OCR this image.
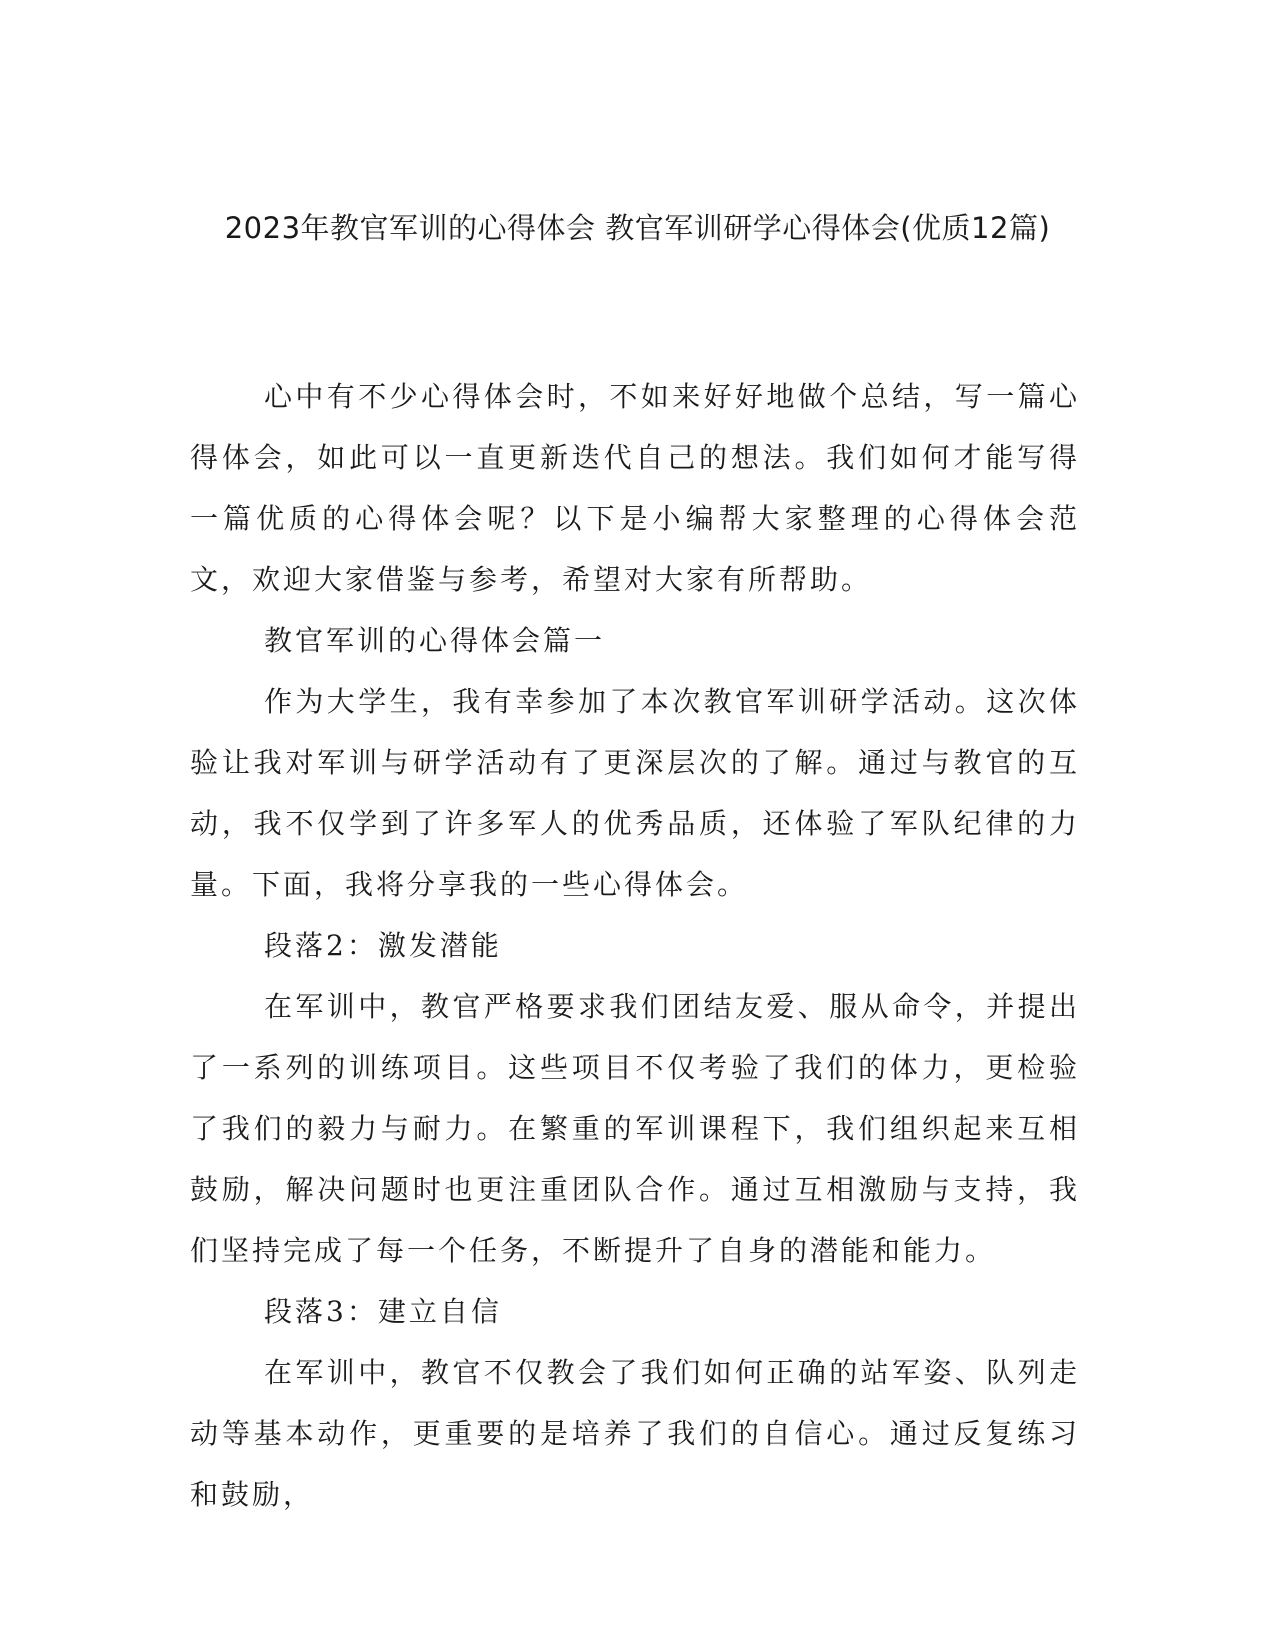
2023年教官军训的心得体会 教官军训研学心得体会(优质12篇)

心中有不少心得体会时，不如来好好地做个总结，写一篇心得体会，如此可以一直更新迭代自己的想法。我们如何才能写得一篇优质的心得体会呢？以下是小编帮大家整理的心得体会范文，欢迎大家借鉴与参考，希望对大家有所帮助。

教官军训的心得体会篇一

作为大学生，我有幸参加了本次教官军训研学活动。这次体验让我对军训与研学活动有了更深层次的了解。通过与教官的互动，我不仅学到了许多军人的优秀品质，还体验了军队纪律的力量。下面，我将分享我的一些心得体会。

段落2：激发潜能

在军训中，教官严格要求我们团结友爱、服从命令，并提出了一系列的训练项目。这些项目不仅考验了我们的体力，更检验了我们的毅力与耐力。在繁重的军训课程下，我们组织起来互相鼓励，解决问题时也更注重团队合作。通过互相激励与支持，我们坚持完成了每一个任务，不断提升了自身的潜能和能力。

段落3：建立自信

在军训中，教官不仅教会了我们如何正确的站军姿、队列走动等基本动作，更重要的是培养了我们的自信心。通过反复练习和鼓励，
